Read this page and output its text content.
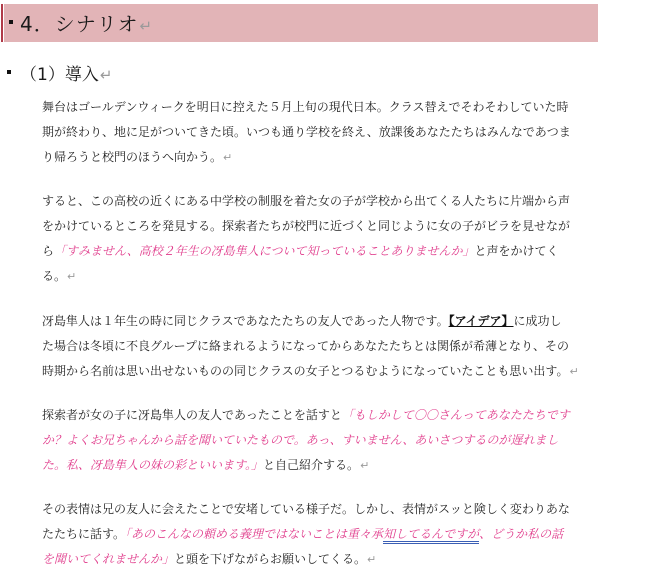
4．シナリオ↵
（1）導入↵
舞台はゴールデンウィークを明日に控えた５月上旬の現代日本。クラス替えでそわそわしていた時
期が終わり、地に足がついてきた頃。いつも通り学校を終え、放課後あなたたちはみんなであつま
り帰ろうと校門のほうへ向かう。↵
すると、この高校の近くにある中学校の制服を着た女の子が学校から出てくる人たちに片端から声
をかけているところを発見する。探索者たちが校門に近づくと同じように女の子がビラを見せなが
ら「すみません、高校２年生の冴島隼人について知っていることありませんか」と声をかけてく
る。↵
冴島隼人は１年生の時に同じクラスであなたたちの友人であった人物です。【アイデア】に成功し
た場合は冬頃に不良グループに絡まれるようになってからあなたたちとは関係が希薄となり、その
時期から名前は思い出せないものの同じクラスの女子とつるむようになっていたことも思い出す。↵
探索者が女の子に冴島隼人の友人であったことを話すと「もしかして〇〇さんってあなたたちです
か？よくお兄ちゃんから話を聞いていたもので。あっ、すいません、あいさつするのが遅れまし
た。私、冴島隼人の妹の彩といいます。」と自己紹介する。↵
その表情は兄の友人に会えたことで安堵している様子だ。しかし、表情がスッと険しく変わりあな
たたちに話す。「あのこんなの頼める義理ではないことは重々承知してるんですが、どうか私の話
を聞いてくれませんか」と頭を下げながらお願いしてくる。↵
